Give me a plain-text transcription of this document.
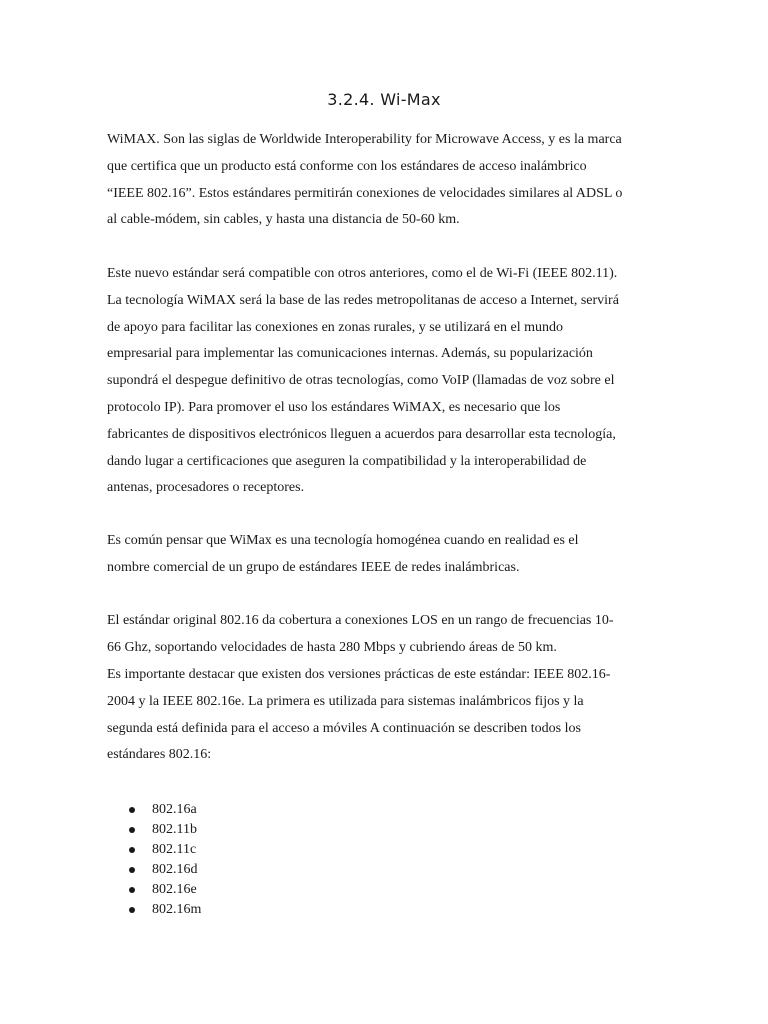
3.2.4. Wi-Max

WiMAX. Son las siglas de Worldwide Interoperability for Microwave Access, y es la marca
que certifica que un producto está conforme con los estándares de acceso inalámbrico
“IEEE 802.16”. Estos estándares permitirán conexiones de velocidades similares al ADSL o
al cable-módem, sin cables, y hasta una distancia de 50-60 km.

Este nuevo estándar será compatible con otros anteriores, como el de Wi-Fi (IEEE 802.11).
La tecnología WiMAX será la base de las redes metropolitanas de acceso a Internet, servirá
de apoyo para facilitar las conexiones en zonas rurales, y se utilizará en el mundo
empresarial para implementar las comunicaciones internas. Además, su popularización
supondrá el despegue definitivo de otras tecnologías, como VoIP (llamadas de voz sobre el
protocolo IP). Para promover el uso los estándares WiMAX, es necesario que los
fabricantes de dispositivos electrónicos lleguen a acuerdos para desarrollar esta tecnología,
dando lugar a certificaciones que aseguren la compatibilidad y la interoperabilidad de
antenas, procesadores o receptores.

Es común pensar que WiMax es una tecnología homogénea cuando en realidad es el
nombre comercial de un grupo de estándares IEEE de redes inalámbricas.

El estándar original 802.16 da cobertura a conexiones LOS en un rango de frecuencias 10-
66 Ghz, soportando velocidades de hasta 280 Mbps y cubriendo áreas de 50 km.

Es importante destacar que existen dos versiones prácticas de este estándar: IEEE 802.16-
2004 y la IEEE 802.16e. La primera es utilizada para sistemas inalámbricos fijos y la
segunda está definida para el acceso a móviles A continuación se describen todos los
estándares 802.16:

802.16a
802.11b
802.11c
802.16d
802.16e
802.16m
